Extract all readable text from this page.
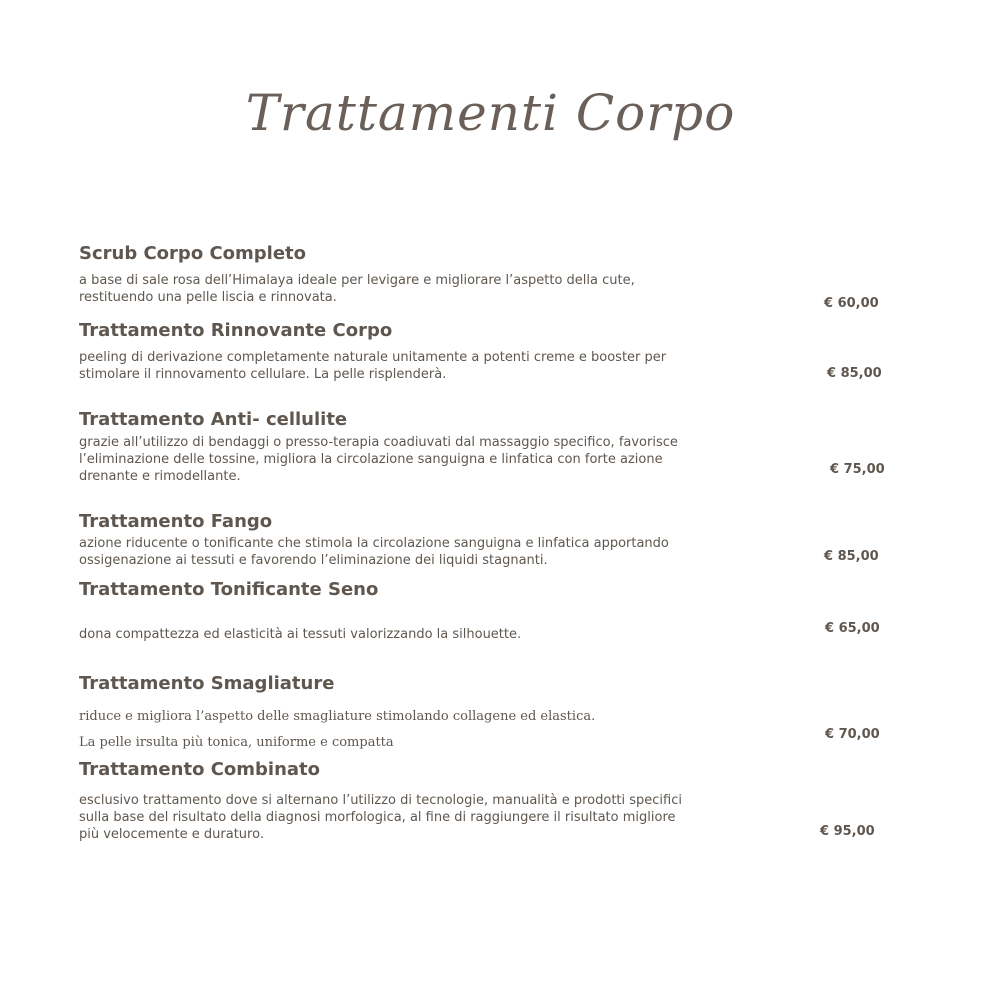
Trattamenti Corpo
Scrub Corpo Completo
a base di sale rosa dell’Himalaya ideale per levigare e migliorare l’aspetto della cute,
restituendo una pelle liscia e rinnovata.	€ 60,00
Trattamento Rinnovante Corpo
peeling di derivazione completamente naturale unitamente a potenti creme e booster per
stimolare il rinnovamento cellulare. La pelle risplenderà.	€ 85,00
Trattamento Anti- cellulite
grazie all’utilizzo di bendaggi o presso-terapia coadiuvati dal massaggio specifico, favorisce
l’eliminazione delle tossine, migliora la circolazione sanguigna e linfatica con forte azione
drenante e rimodellante.	€ 75,00
Trattamento Fango
azione riducente o tonificante che stimola la circolazione sanguigna e linfatica apportando
ossigenazione ai tessuti e favorendo l’eliminazione dei liquidi stagnanti.	€ 85,00
Trattamento Tonificante Seno
dona compattezza ed elasticità ai tessuti valorizzando la silhouette.	€ 65,00
Trattamento Smagliature
riduce e migliora l’aspetto delle smagliature stimolando collagene ed elastica.
La pelle irsulta più tonica, uniforme e compatta
€ 70,00
Trattamento Combinato
esclusivo trattamento dove si alternano l’utilizzo di tecnologie, manualità e prodotti specifici
sulla base del risultato della diagnosi morfologica, al fine di raggiungere il risultato migliore
più velocemente e duraturo.	€ 95,00
